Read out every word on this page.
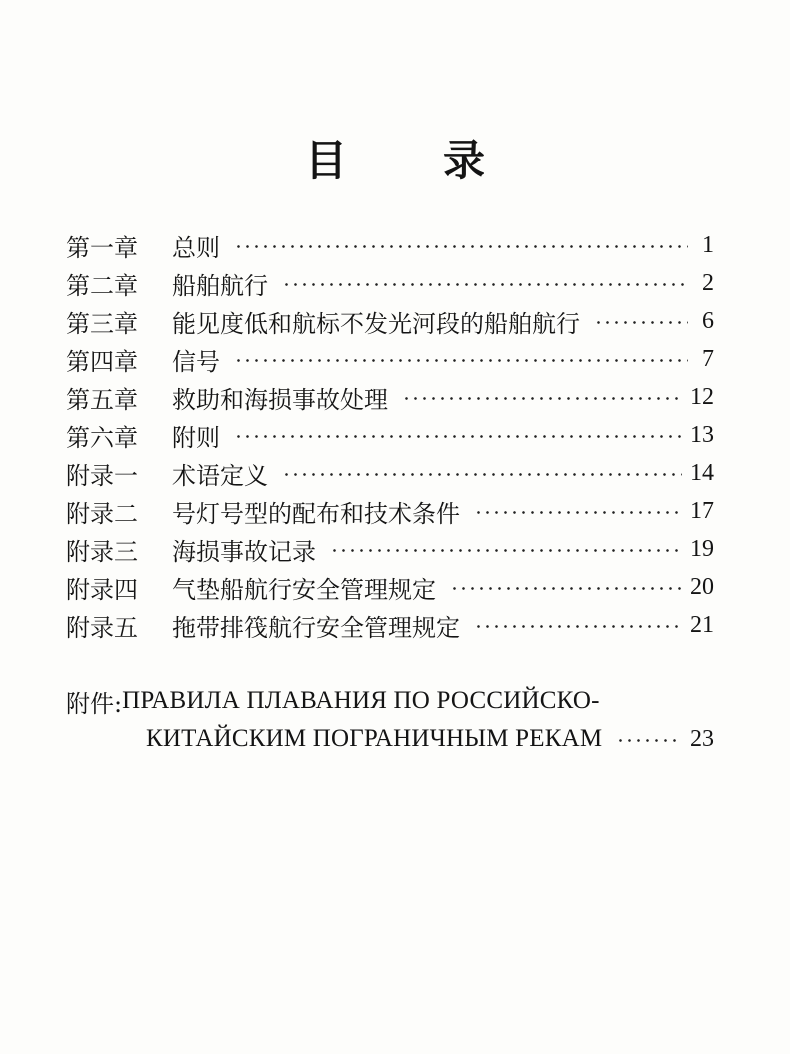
目 录
第一章	总则	1
第二章	船舶航行	2
第三章	能见度低和航标不发光河段的船舶航行	6
第四章	信号	7
第五章	救助和海损事故处理	12
第六章	附则	13
附录一	术语定义	14
附录二	号灯号型的配布和技术条件	17
附录三	海损事故记录	19
附录四	气垫船航行安全管理规定	20
附录五	拖带排筏航行安全管理规定	21
附件: ПРАВИЛА ПЛАВАНИЯ ПО РОССИЙСКО-
КИТАЙСКИМ ПОГРАНИЧНЫМ РЕКАМ	23
